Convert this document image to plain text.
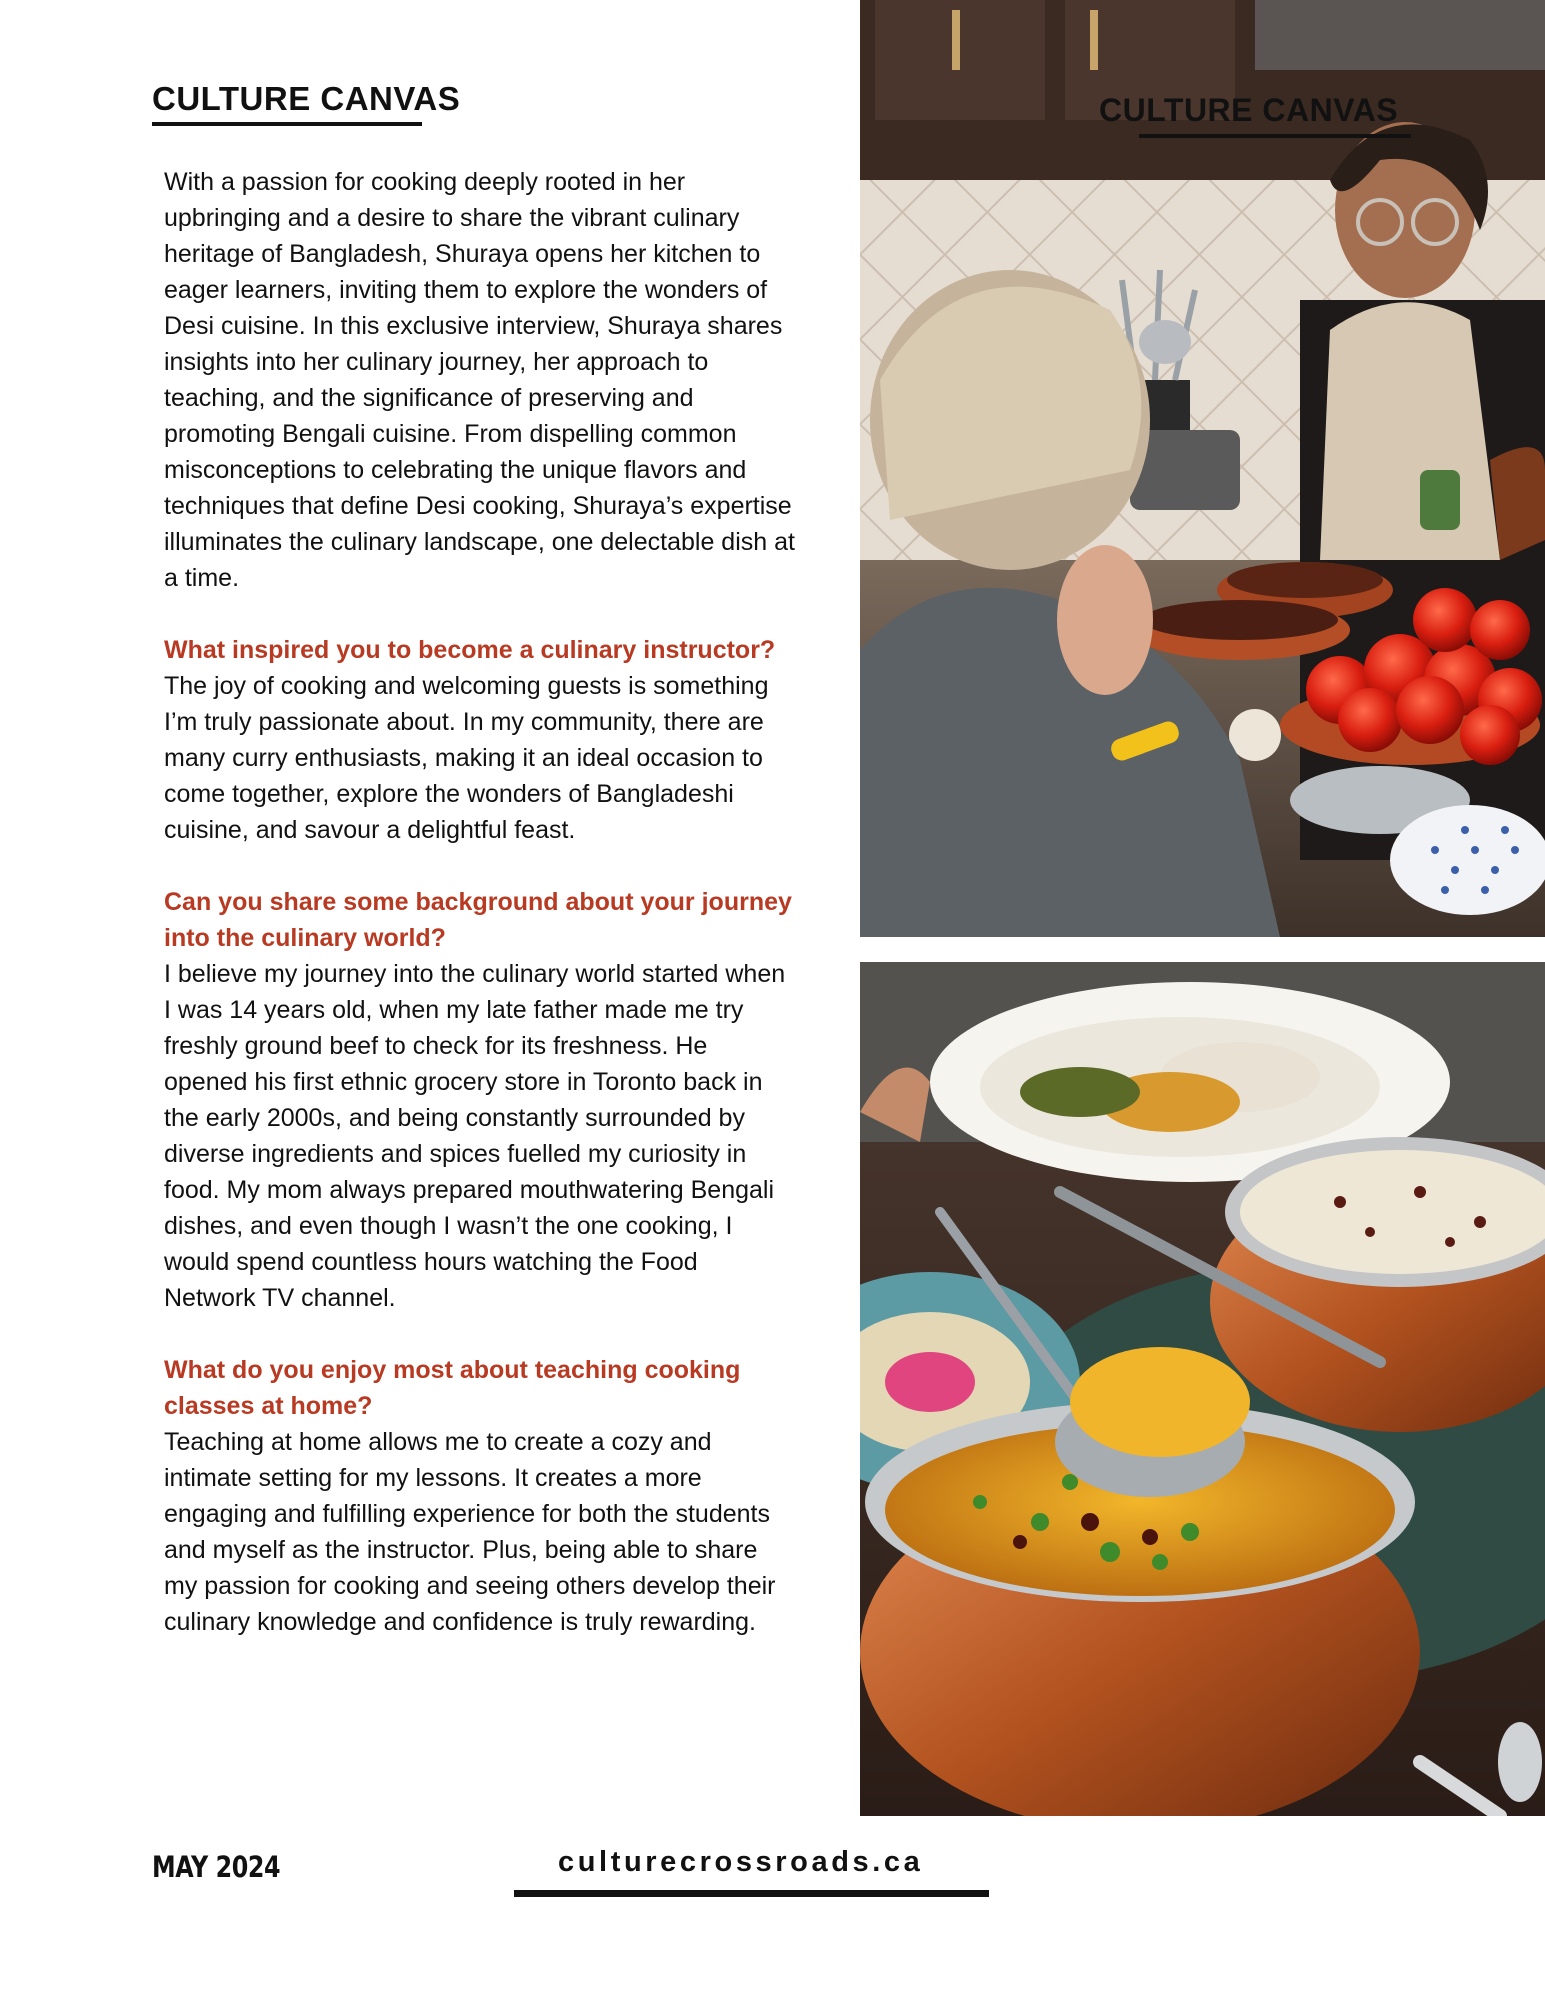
CULTURE CANVAS

With a passion for cooking deeply rooted in her upbringing and a desire to share the vibrant culinary heritage of Bangladesh, Shuraya opens her kitchen to eager learners, inviting them to explore the wonders of Desi cuisine. In this exclusive interview, Shuraya shares insights into her culinary journey, her approach to teaching, and the significance of preserving and promoting Bengali cuisine. From dispelling common misconceptions to celebrating the unique flavors and techniques that define Desi cooking, Shuraya’s expertise illuminates the culinary landscape, one delectable dish at a time.

What inspired you to become a culinary instructor?

The joy of cooking and welcoming guests is something I’m truly passionate about. In my community, there are many curry enthusiasts, making it an ideal occasion to come together, explore the wonders of Bangladeshi cuisine, and savour a delightful feast.

Can you share some background about your journey into the culinary world?

I believe my journey into the culinary world started when I was 14 years old, when my late father made me try freshly ground beef to check for its freshness. He opened his first ethnic grocery store in Toronto back in the early 2000s, and being constantly surrounded by diverse ingredients and spices fuelled my curiosity in food. My mom always prepared mouthwatering Bengali dishes, and even though I wasn’t the one cooking, I would spend countless hours watching the Food Network TV channel.

What do you enjoy most about teaching cooking classes at home?

Teaching at home allows me to create a cozy and intimate setting for my lessons. It creates a more engaging and fulfilling experience for both the students and myself as the instructor. Plus, being able to share my passion for cooking and seeing others develop their culinary knowledge and confidence is truly rewarding.

CULTURE CANVAS
MAY 2024	culturecrossroads.ca
